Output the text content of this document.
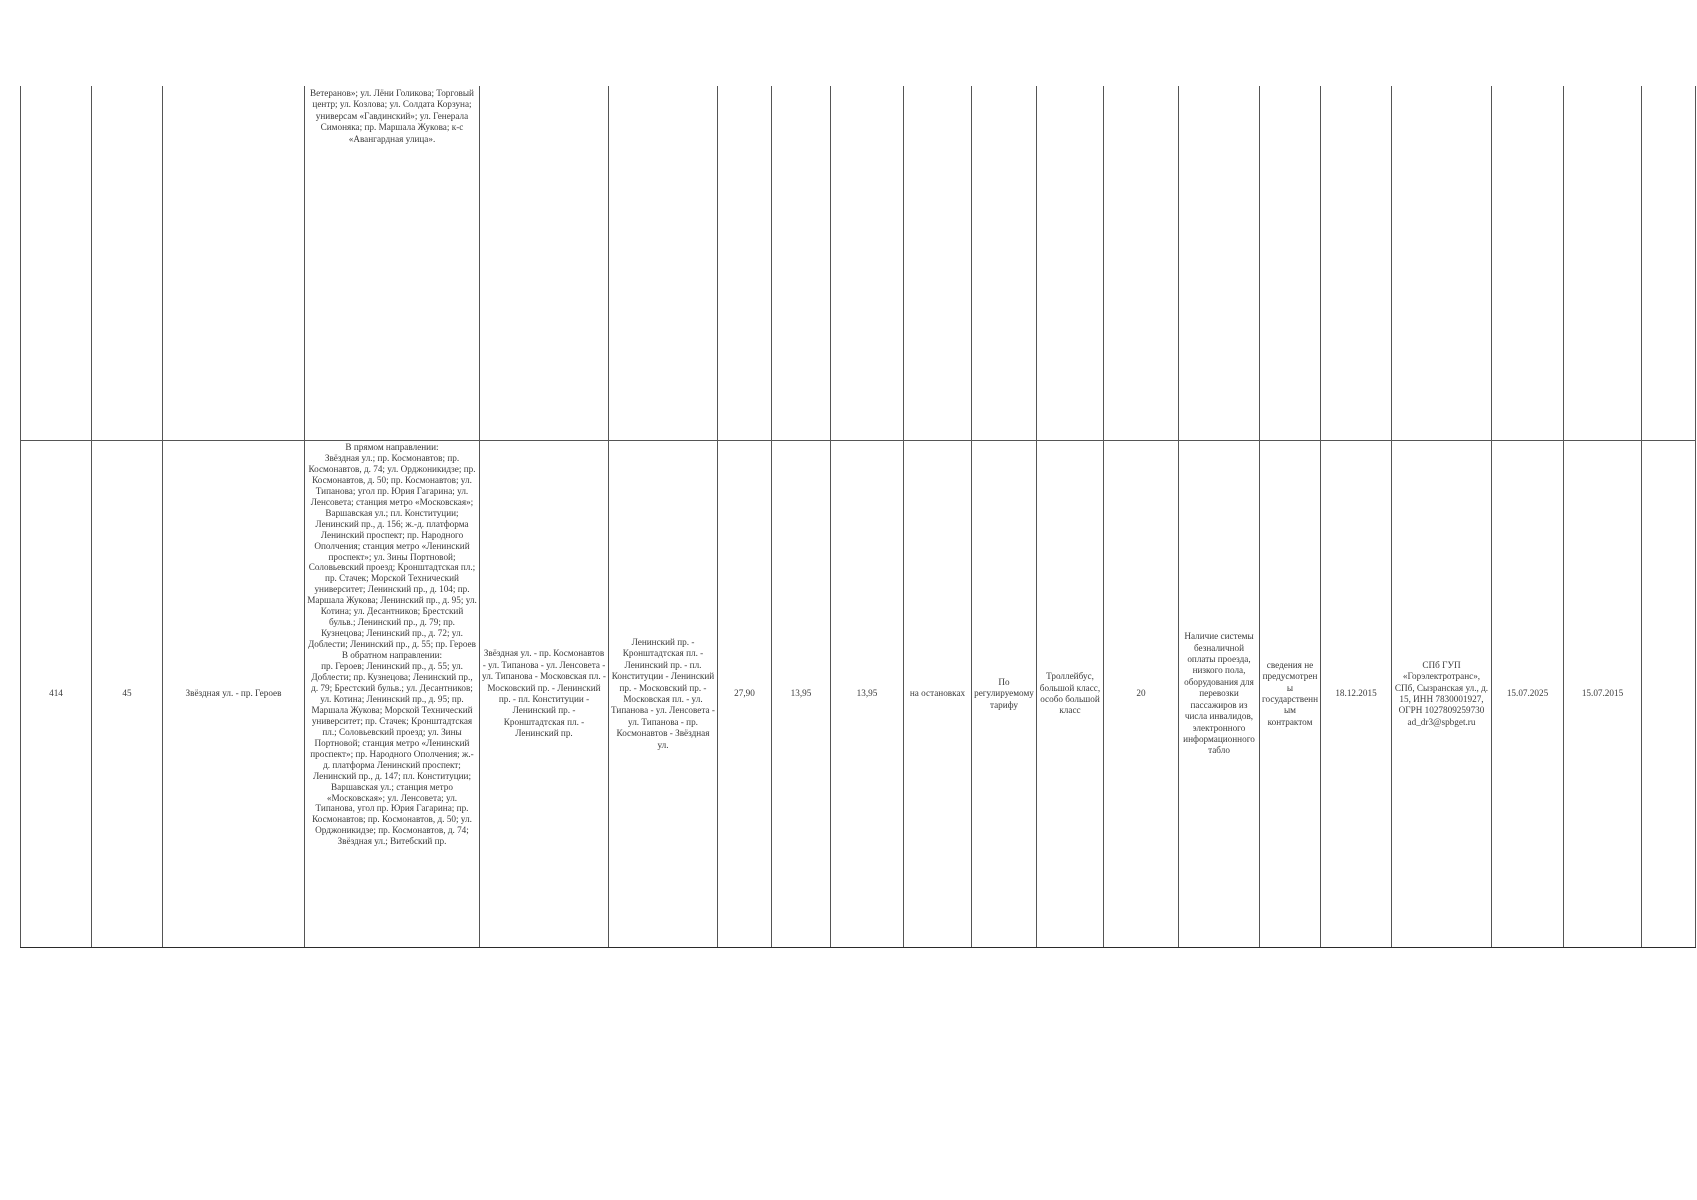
			Ветеранов»; ул. Лёни Голикова; Торговый центр; ул. Козлова; ул. Солдата Корзуна; универсам «Гавдинский»; ул. Генерала Симоняка; пр. Маршала Жукова; к-с «Авангардная улица».																

414	45	Звёздная ул. - пр. Героев	В прямом направлении:
Звёздная ул.; пр. Космонавтов; пр. Космонавтов, д. 74; ул. Орджоникидзе; пр. Космонавтов, д. 50; пр. Космонавтов; ул. Типанова; угол пр. Юрия Гагарина; ул. Ленсовета; станция метро «Московская»; Варшавская ул.; пл. Конституции; Ленинский пр., д. 156; ж.-д. платформа Ленинский проспект; пр. Народного Ополчения; станция метро «Ленинский проспект»; ул. Зины Портновой; Соловьевский проезд; Кронштадтская пл.; пр. Стачек; Морской Технический университет; Ленинский пр., д. 104; пр. Маршала Жукова; Ленинский пр., д. 95; ул. Котина; ул. Десантников; Брестский бульв.; Ленинский пр., д. 79; пр. Кузнецова; Ленинский пр., д. 72; ул. Доблести; Ленинский пр., д. 55; пр. Героев
В обратном направлении:
пр. Героев; Ленинский пр., д. 55; ул. Доблести; пр. Кузнецова; Ленинский пр., д. 79; Брестский бульв.; ул. Десантников; ул. Котина; Ленинский пр., д. 95; пр. Маршала Жукова; Морской Технический университет; пр. Стачек; Кронштадтская пл.; Соловьевский проезд; ул. Зины Портновой; станция метро «Ленинский проспект»; пр. Народного Ополчения; ж.-д. платформа Ленинский проспект; Ленинский пр., д. 147; пл. Конституции; Варшавская ул.; станция метро «Московская»; ул. Ленсовета; ул. Типанова, угол пр. Юрия Гагарина; пр. Космонавтов; пр. Космонавтов, д. 50; ул. Орджоникидзе; пр. Космонавтов, д. 74; Звёздная ул.; Витебский пр.	Звёздная ул. - пр. Космонавтов - ул. Типанова - ул. Ленсовета - ул. Типанова - Московская пл. - Московский пр. - Ленинский пр. - пл. Конституции - Ленинский пр. - Кронштадтская пл. - Ленинский пр.	Ленинский пр. - Кронштадтская пл. - Ленинский пр. - пл. Конституции - Ленинский пр. - Московский пр. - Московская пл. - ул. Типанова - ул. Ленсовета - ул. Типанова - пр. Космонавтов - Звёздная ул.	27,90	13,95	13,95	на остановках	По регулируемому тарифу	Троллейбус, большой класс, особо большой класс	20	Наличие системы безналичной оплаты проезда, низкого пола, оборудования для перевозки пассажиров из числа инвалидов, электронного информационного табло	сведения не предусмотрены государственным контрактом	18.12.2015	СПб ГУП «Горэлектротранс», СПб, Сызранская ул., д. 15, ИНН 7830001927, ОГРН 1027809259730 ad_dr3@spbget.ru	15.07.2025	15.07.2015	
